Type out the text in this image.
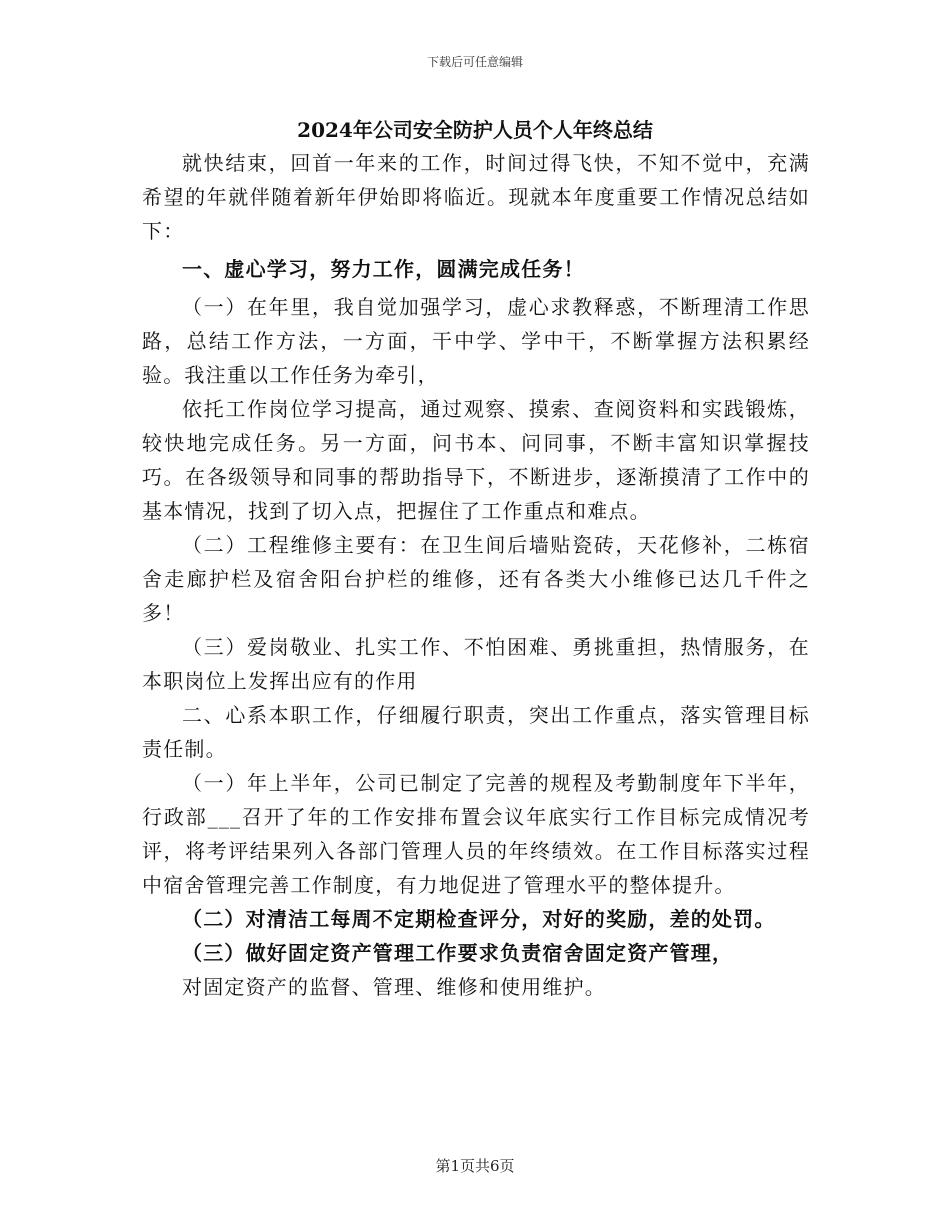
下载后可任意编辑
2024年公司安全防护人员个人年终总结

就快结束，回首一年来的工作，时间过得飞快，不知不觉中，充满希望的年就伴随着新年伊始即将临近。现就本年度重要工作情况总结如下：

一、虚心学习，努力工作，圆满完成任务！

（一）在年里，我自觉加强学习，虚心求教释惑，不断理清工作思路，总结工作方法，一方面，干中学、学中干，不断掌握方法积累经验。我注重以工作任务为牵引，

依托工作岗位学习提高，通过观察、摸索、查阅资料和实践锻炼，较快地完成任务。另一方面，问书本、问同事，不断丰富知识掌握技巧。在各级领导和同事的帮助指导下，不断进步，逐渐摸清了工作中的基本情况，找到了切入点，把握住了工作重点和难点。

（二）工程维修主要有：在卫生间后墙贴瓷砖，天花修补，二栋宿舍走廊护栏及宿舍阳台护栏的维修，还有各类大小维修已达几千件之多！

（三）爱岗敬业、扎实工作、不怕困难、勇挑重担，热情服务，在本职岗位上发挥出应有的作用

二、心系本职工作，仔细履行职责，突出工作重点，落实管理目标责任制。

（一）年上半年，公司已制定了完善的规程及考勤制度年下半年，行政部___召开了年的工作安排布置会议年底实行工作目标完成情况考评，将考评结果列入各部门管理人员的年终绩效。在工作目标落实过程中宿舍管理完善工作制度，有力地促进了管理水平的整体提升。

（二）对清洁工每周不定期检查评分，对好的奖励，差的处罚。

（三）做好固定资产管理工作要求负责宿舍固定资产管理，

对固定资产的监督、管理、维修和使用维护。

第1页共6页
